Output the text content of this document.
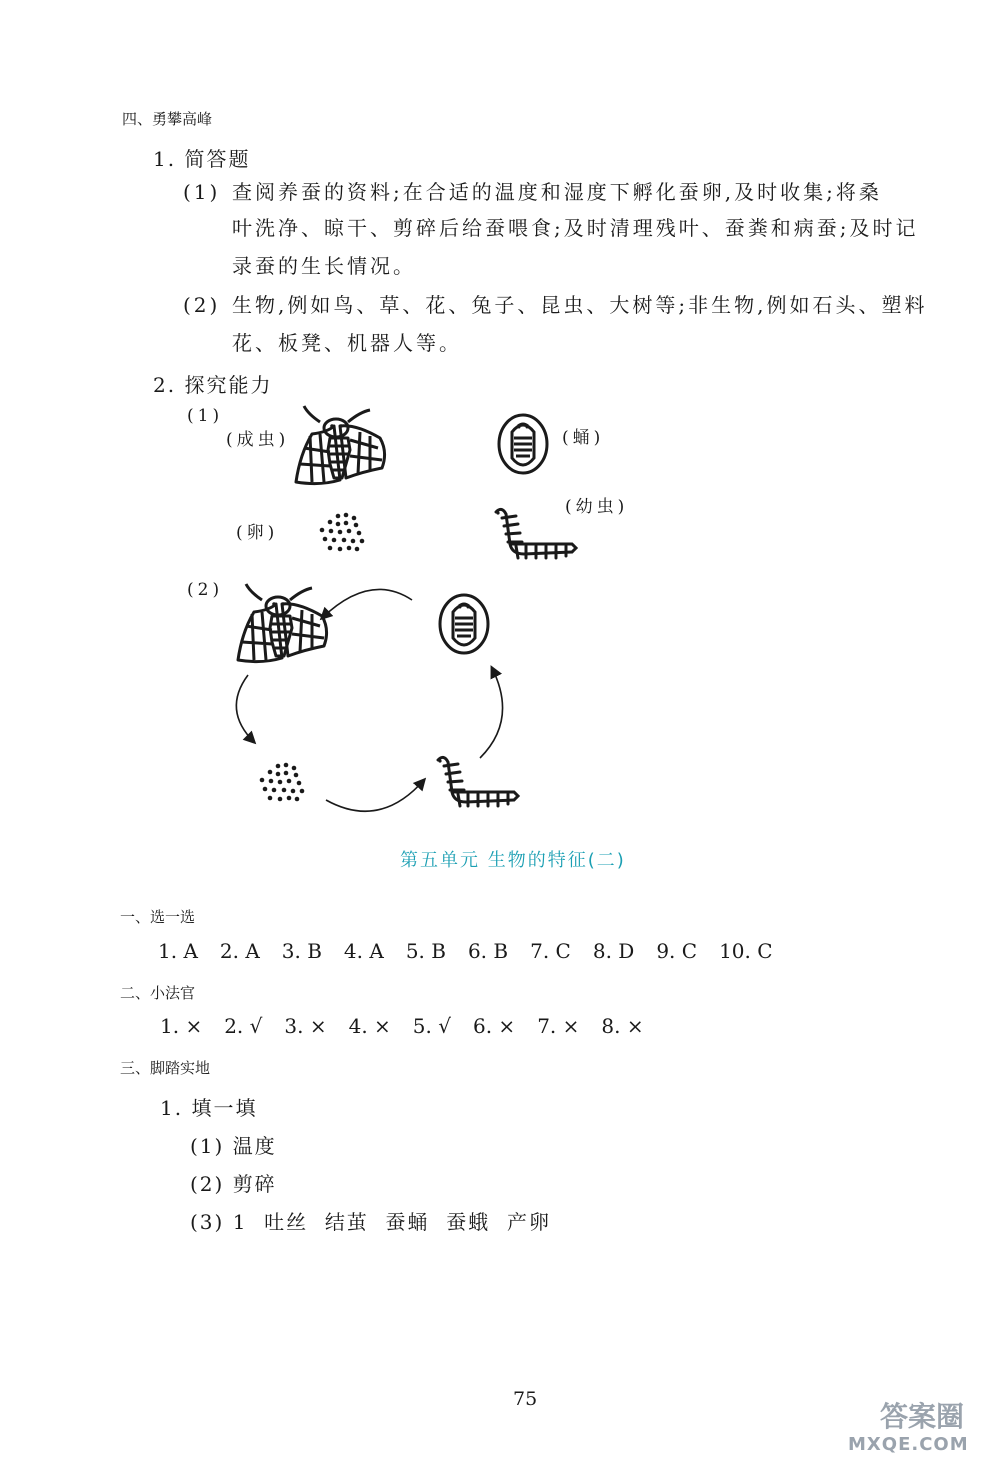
四、勇攀高峰
1. 简答题
(1) 查阅养蚕的资料;在合适的温度和湿度下孵化蚕卵,及时收集;将桑
叶洗净、晾干、剪碎后给蚕喂食;及时清理残叶、蚕粪和病蚕;及时记
录蚕的生长情况。
(2) 生物,例如鸟、草、花、兔子、昆虫、大树等;非生物,例如石头、塑料
花、板凳、机器人等。
2. 探究能力
(1)
(成虫)	(蛹)
(幼虫)
(卵)
(2)
第五单元 生物的特征(二)
一、选一选
1. A 2. A 3. B 4. A 5. B 6. B 7. C 8. D 9. C 10. C
二、小法官
1. × 2. √ 3. × 4. × 5. √ 6. × 7. × 8. ×
三、脚踏实地
1. 填一填
(1) 温度
(2) 剪碎
(3) 1  吐丝  结茧  蚕蛹  蚕蛾  产卵
75
答案圈
MXQE.COM
